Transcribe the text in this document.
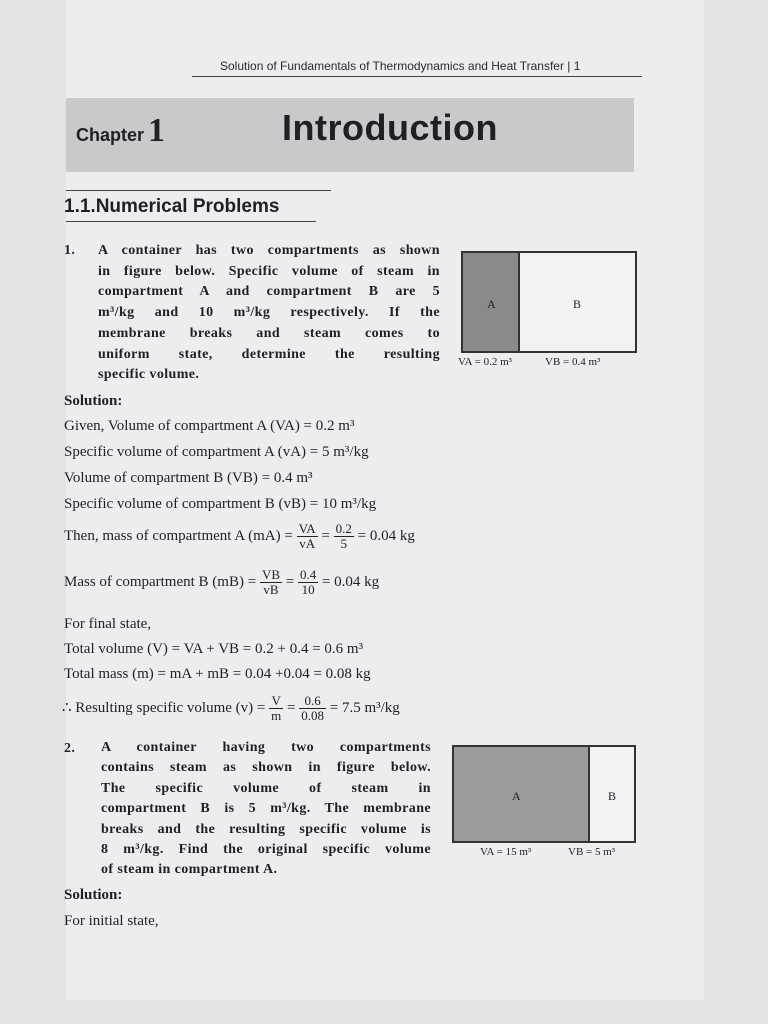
Solution of Fundamentals of Thermodynamics and Heat Transfer | 1
Chapter 1	Introduction
1.1.Numerical Problems
1. A container has two compartments as shown
in figure below. Specific volume of steam in
compartment A and compartment B are 5
m³/kg and 10 m³/kg respectively. If the
membrane breaks and steam comes to
uniform state, determine the resulting
specific volume.
A	B
VA = 0.2 m³	VB = 0.4 m³
Solution:
Given, Volume of compartment A (VA) = 0.2 m³
Specific volume of compartment A (vA) = 5 m³/kg
Volume of compartment B (VB) = 0.4 m³
Specific volume of compartment B (vB) = 10 m³/kg
Then, mass of compartment A $(mA) = \frac{VA}{vA} = \frac{0.2}{5} = 0.04$ kg
Mass of compartment B $(mB) = \frac{VB}{vB} = \frac{0.4}{10} = 0.04$ kg
For final state,
Total volume (V) = VA + VB = 0.2 + 0.4 = 0.6 m³
Total mass (m) = mA + mB = 0.04 +0.04 = 0.08 kg
∴ Resulting specific volume $(v) = \frac{V}{m} = \frac{0.6}{0.08} = 7.5$ m³/kg
2. A container having two compartments
contains steam as shown in figure below.
The specific volume of steam in
compartment B is 5 m³/kg. The membrane
breaks and the resulting specific volume is
8 m³/kg. Find the original specific volume
of steam in compartment A.
A	B
VA = 15 m³	VB = 5 m³
Solution:
For initial state,
